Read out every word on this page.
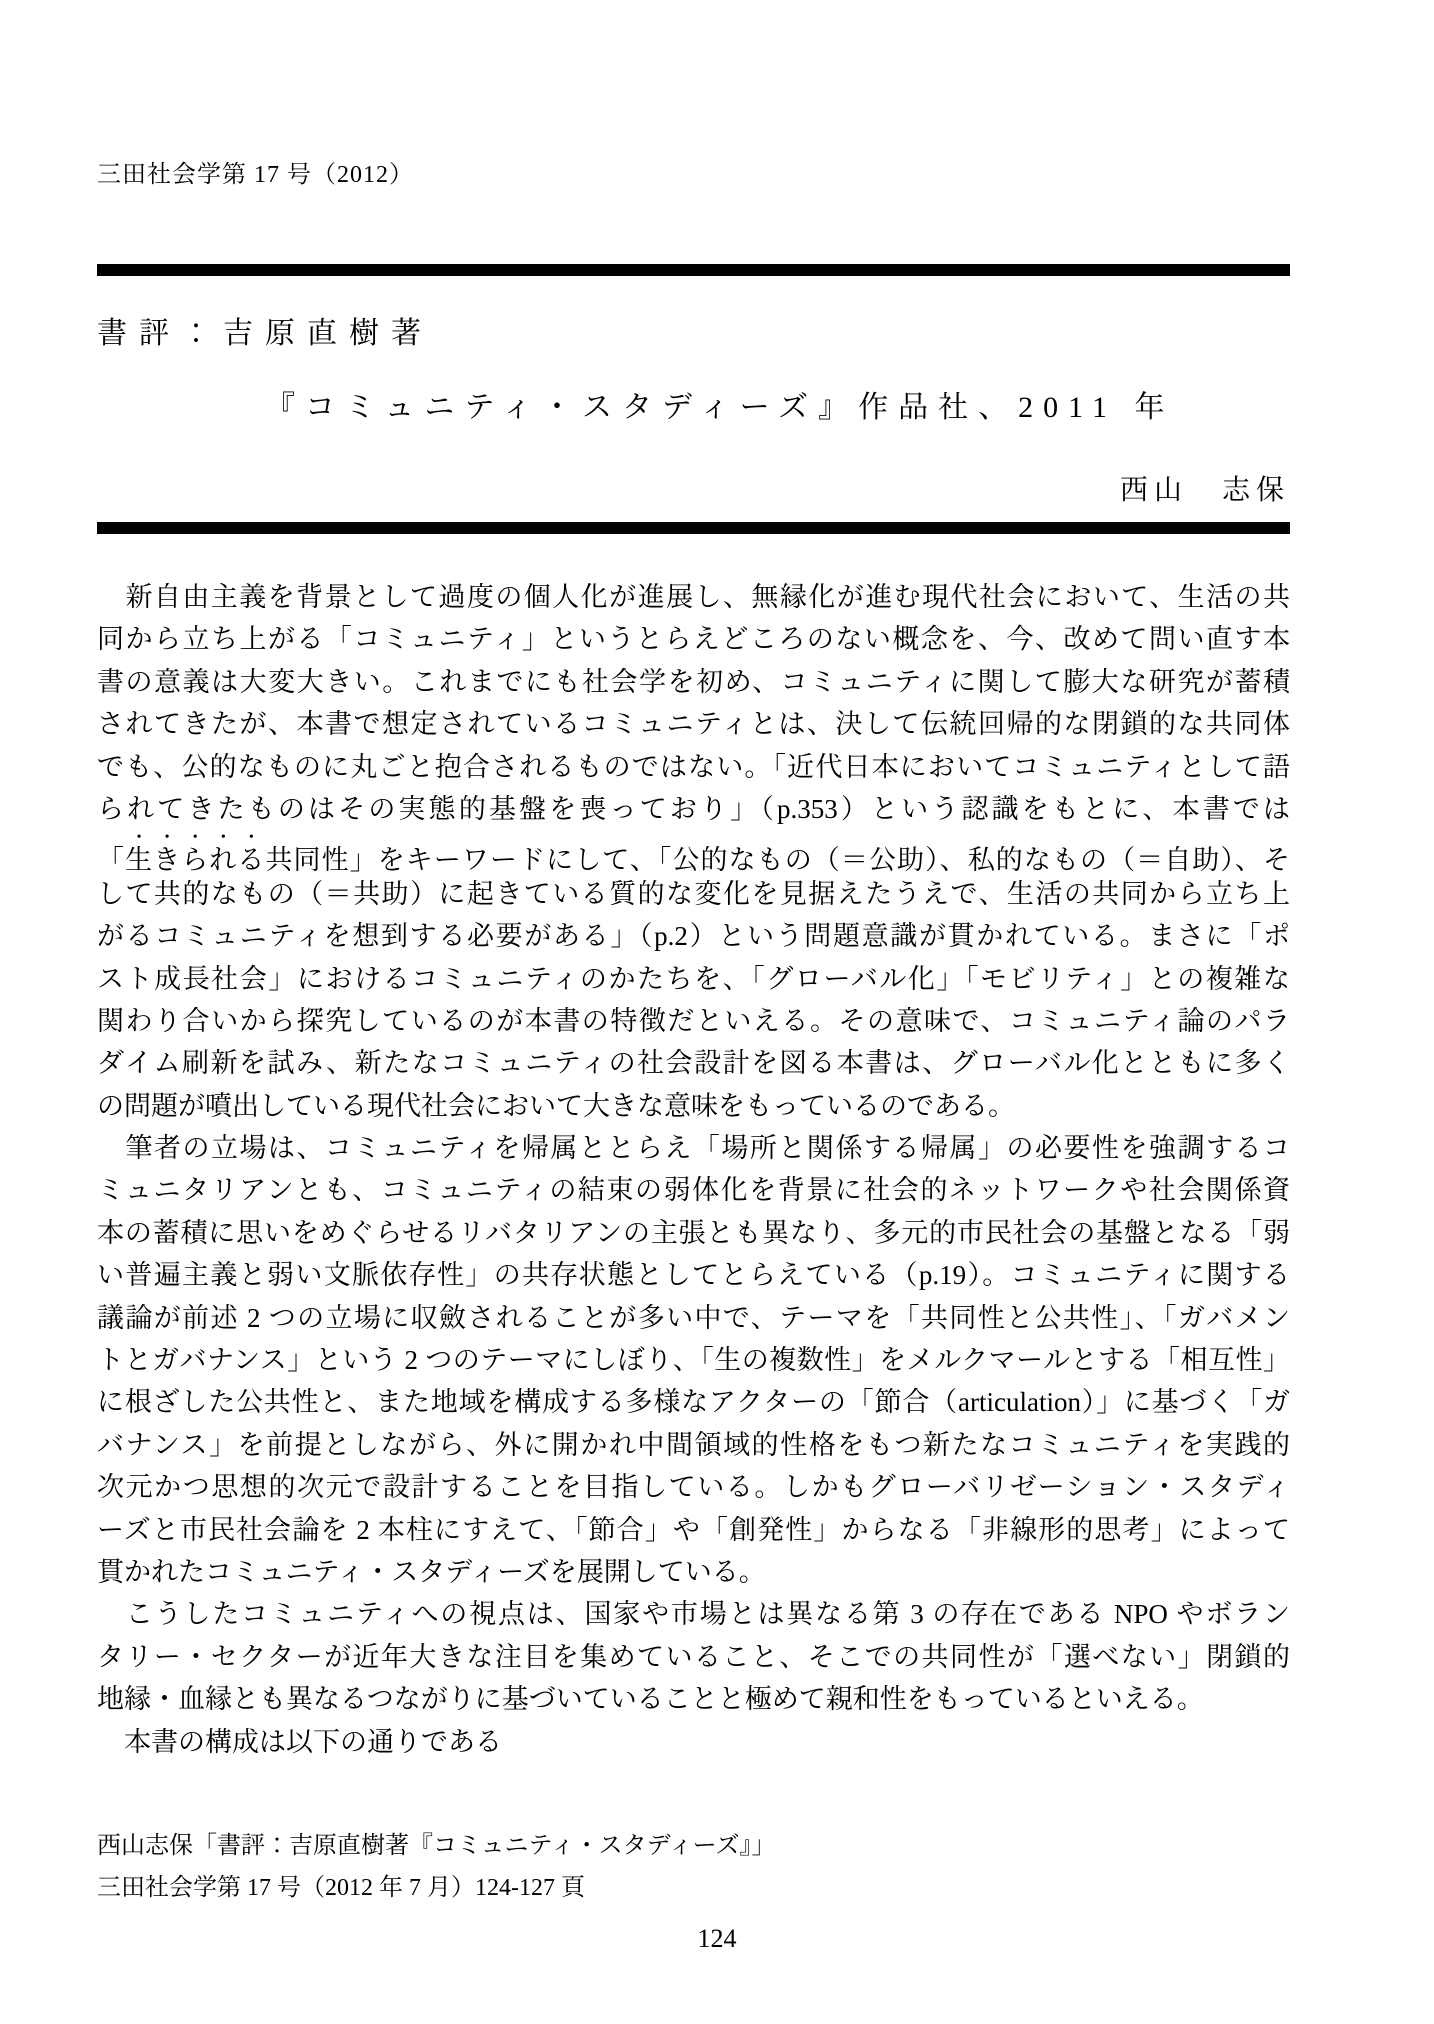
三田社会学第 17 号（2012）
書評：吉原直樹著
『コミュニティ・スタディーズ』作品社、2011 年
西山　志保
　新自由主義を背景として過度の個人化が進展し、無縁化が進む現代社会において、生活の共
同から立ち上がる「コミュニティ」というとらえどころのない概念を、今、改めて問い直す本
書の意義は大変大きい。これまでにも社会学を初め、コミュニティに関して膨大な研究が蓄積
されてきたが、本書で想定されているコミュニティとは、決して伝統回帰的な閉鎖的な共同体
でも、公的なものに丸ごと抱合されるものではない。「近代日本においてコミュニティとして語
られてきたものはその実態的基盤を喪っており」（p.353）という認識をもとに、本書では
「生きられる共同性」をキーワードにして、「公的なもの（＝公助）、私的なもの（＝自助）、そ
して共的なもの（＝共助）に起きている質的な変化を見据えたうえで、生活の共同から立ち上
がるコミュニティを想到する必要がある」（p.2）という問題意識が貫かれている。まさに「ポ
スト成長社会」におけるコミュニティのかたちを、「グローバル化」「モビリティ」との複雑な
関わり合いから探究しているのが本書の特徴だといえる。その意味で、コミュニティ論のパラ
ダイム刷新を試み、新たなコミュニティの社会設計を図る本書は、グローバル化とともに多く
の問題が噴出している現代社会において大きな意味をもっているのである。
　筆者の立場は、コミュニティを帰属ととらえ「場所と関係する帰属」の必要性を強調するコ
ミュニタリアンとも、コミュニティの結束の弱体化を背景に社会的ネットワークや社会関係資
本の蓄積に思いをめぐらせるリバタリアンの主張とも異なり、多元的市民社会の基盤となる「弱
い普遍主義と弱い文脈依存性」の共存状態としてとらえている（p.19）。コミュニティに関する
議論が前述 2 つの立場に収斂されることが多い中で、テーマを「共同性と公共性」、「ガバメン
トとガバナンス」という 2 つのテーマにしぼり、「生の複数性」をメルクマールとする「相互性」
に根ざした公共性と、また地域を構成する多様なアクターの「節合（articulation）」に基づく「ガ
バナンス」を前提としながら、外に開かれ中間領域的性格をもつ新たなコミュニティを実践的
次元かつ思想的次元で設計することを目指している。しかもグローバリゼーション・スタディ
ーズと市民社会論を 2 本柱にすえて、「節合」や「創発性」からなる「非線形的思考」によって
貫かれたコミュニティ・スタディーズを展開している。
　こうしたコミュニティへの視点は、国家や市場とは異なる第 3 の存在である NPO やボラン
タリー・セクターが近年大きな注目を集めていること、そこでの共同性が「選べない」閉鎖的
地縁・血縁とも異なるつながりに基づいていることと極めて親和性をもっているといえる。
　本書の構成は以下の通りである
西山志保「書評：吉原直樹著『コミュニティ・スタディーズ』」
三田社会学第 17 号（2012 年 7 月）124-127 頁
124
